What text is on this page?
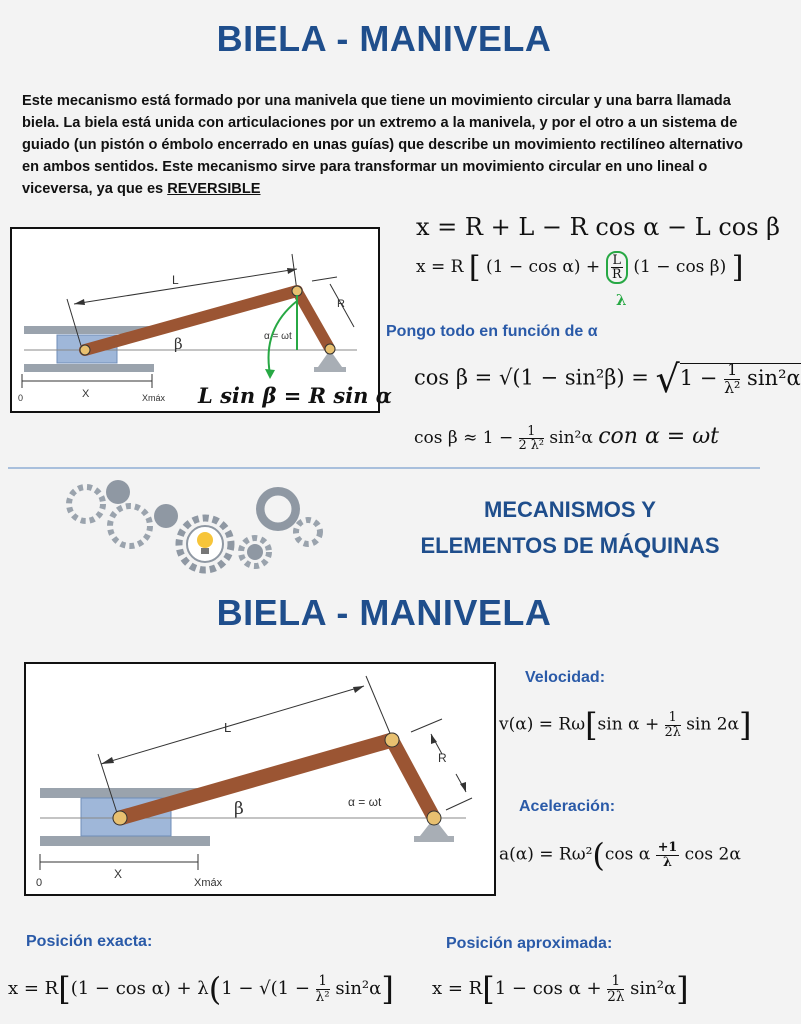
BIELA - MANIVELA
Este mecanismo está formado por una manivela que tiene un movimiento circular y una barra llamada biela. La biela está unida con articulaciones por un extremo a la manivela, y por el otro a un sistema de guiado (un pistón o émbolo encerrado en unas guías) que describe un movimiento rectilíneo alternativo en ambos sentidos. Este mecanismo sirve para transformar un movimiento circular en uno lineal o viceversa, ya que es REVERSIBLE
L
R
β	α = ωt
X
0	Xmáx L sin β = R sin α
x = R + L − R cos α − L cos β
x = R [ $(1 - \cos \alpha) + \frac{L}{R} (1 - \cos \beta)$ ]
λ
Pongo todo en función de α
$\cos \beta = √(1 - \sin^2\beta) = √1 - \frac{1}{\text{λ²}} \sin^2\alpha$
$\cos \beta \approx 1 - \frac{1}{\text{2 λ²}} \sin^2\alpha$ con α = ωt
MECANISMOS Y
ELEMENTOS DE MÁQUINAS
BIELA - MANIVELA
L
R
β	α = ωt
X
0	Xmáx
Velocidad:
v(α) = Rω[sin $\alpha + \frac{1}{2\lambda}$ sin 2α]
Aceleración:
a(α) = Rω²(cos α $\frac{+1}{\lambda}$ cos 2α
Posición exacta:
$x = R[(1 - \cos \alpha) + \lambda(1 - √(1 - \frac{1}{\text{λ²}} \sin^2\alpha]$
Posición aproximada:
$x = R[1 - \cos \alpha + \frac{1}{2\lambda} \sin^2\alpha]$
